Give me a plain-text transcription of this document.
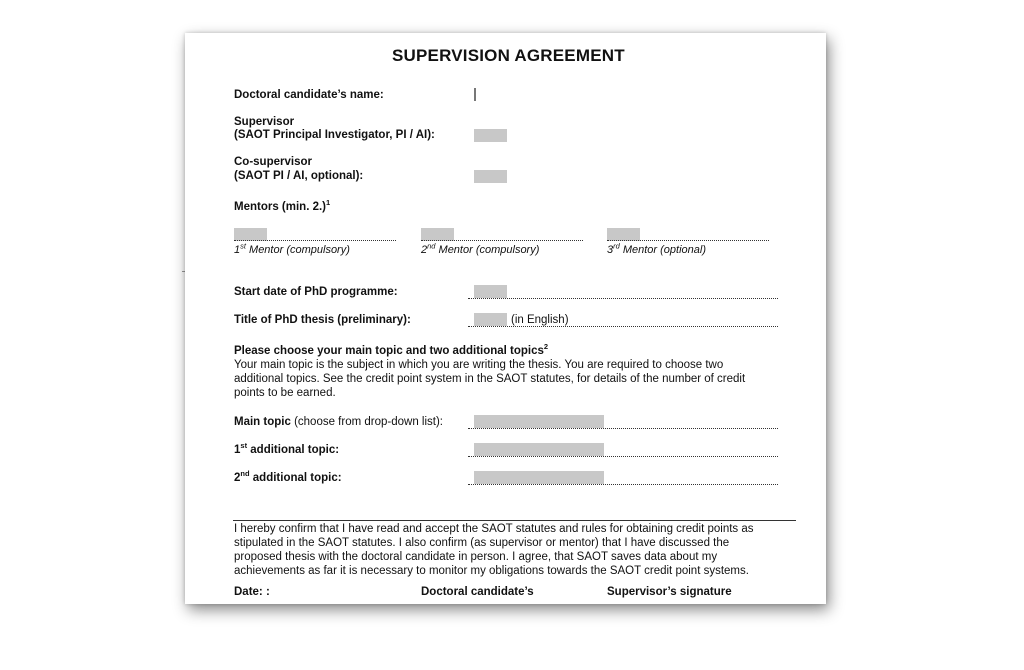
SUPERVISION AGREEMENT
Doctoral candidate’s name:
Supervisor
(SAOT Principal Investigator, PI / AI):
Co-supervisor
(SAOT PI / AI, optional):
Mentors (min. 2.)$^1$
1st Mentor (compulsory)	2nd Mentor (compulsory)	3rd Mentor (optional)
Start date of PhD programme:
Title of PhD thesis (preliminary):	(in English)
Please choose your main topic and two additional topics$^2$
Your main topic is the subject in which you are writing the thesis. You are required to choose two
additional topics. See the credit point system in the SAOT statutes, for details of the number of credit
points to be earned.
Main topic (choose from drop-down list):
1st additional topic:
2nd additional topic:
I hereby confirm that I have read and accept the SAOT statutes and rules for obtaining credit points as
stipulated in the SAOT statutes. I also confirm (as supervisor or mentor) that I have discussed the
proposed thesis with the doctoral candidate in person. I agree, that SAOT saves data about my
achievements as far it is necessary to monitor my obligations towards the SAOT credit point systems.
Date: :	Doctoral candidate’s	Supervisor’s signature
